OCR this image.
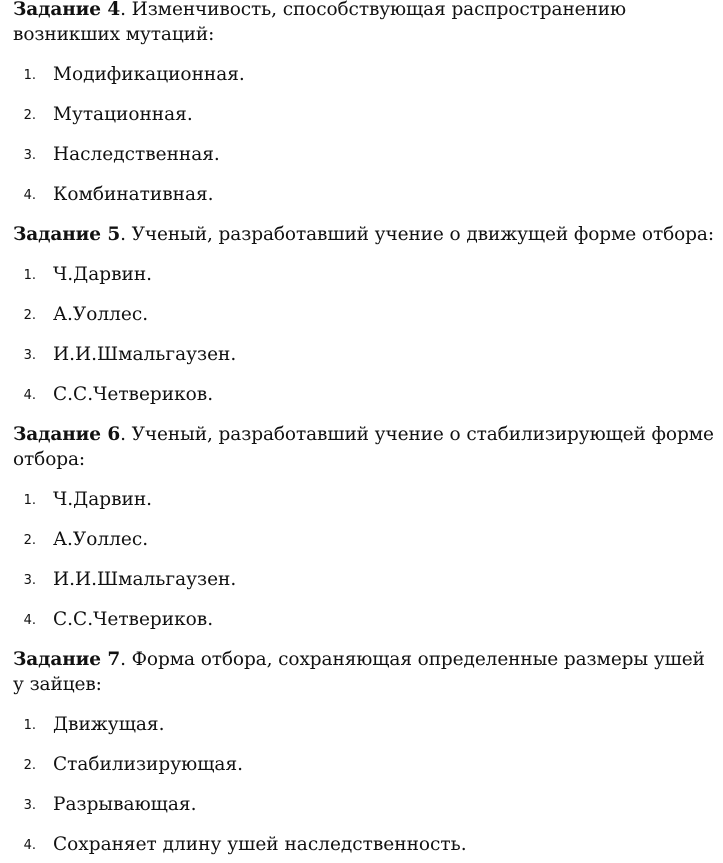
Задание 4. Изменчивость, способствующая распространению возникших мутаций:

1. Модификационная.
2. Мутационная.
3. Наследственная.
4. Комбинативная.

Задание 5. Ученый, разработавший учение о движущей форме отбора:

1. Ч.Дарвин.
2. А.Уоллес.
3. И.И.Шмальгаузен.
4. С.С.Четвериков.

Задание 6. Ученый, разработавший учение о стабилизирующей форме отбора:

1. Ч.Дарвин.
2. А.Уоллес.
3. И.И.Шмальгаузен.
4. С.С.Четвериков.

Задание 7. Форма отбора, сохраняющая определенные размеры ушей у зайцев:

1. Движущая.
2. Стабилизирующая.
3. Разрывающая.
4. Сохраняет длину ушей наследственность.
